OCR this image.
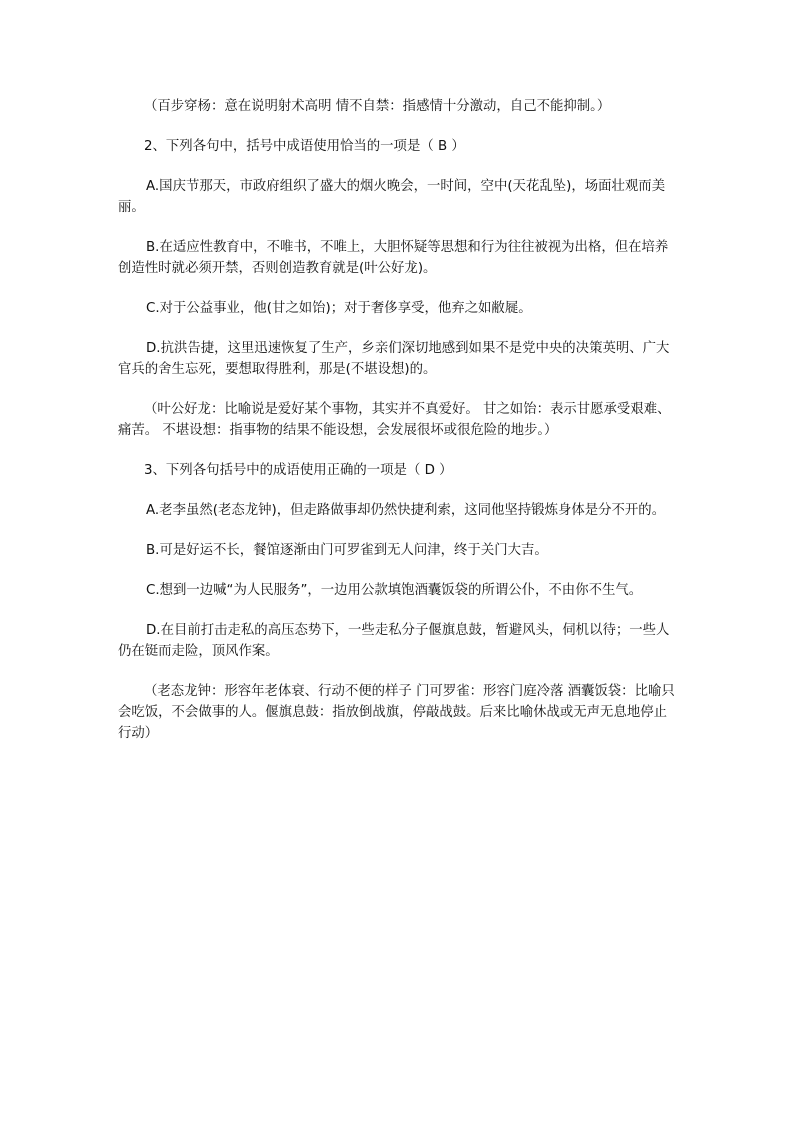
（百步穿杨：意在说明射术高明 情不自禁：指感情十分激动，自己不能抑制。）

2、下列各句中，括号中成语使用恰当的一项是（ B ）

A.国庆节那天，市政府组织了盛大的烟火晚会，一时间，空中(天花乱坠)，场面壮观而美丽。

B.在适应性教育中，不唯书，不唯上，大胆怀疑等思想和行为往往被视为出格，但在培养创造性时就必须开禁，否则创造教育就是(叶公好龙)。

C.对于公益事业，他(甘之如饴)；对于奢侈享受，他弃之如敝屣。

D.抗洪告捷，这里迅速恢复了生产，乡亲们深切地感到如果不是党中央的决策英明、广大官兵的舍生忘死，要想取得胜利，那是(不堪设想)的。

（叶公好龙：比喻说是爱好某个事物，其实并不真爱好。 甘之如饴：表示甘愿承受艰难、痛苦。 不堪设想：指事物的结果不能设想，会发展很坏或很危险的地步。）

3、下列各句括号中的成语使用正确的一项是（ D ）

A.老李虽然(老态龙钟)，但走路做事却仍然快捷利索，这同他坚持锻炼身体是分不开的。

B.可是好运不长，餐馆逐渐由门可罗雀到无人问津，终于关门大吉。

C.想到一边喊“为人民服务”，一边用公款填饱酒囊饭袋的所谓公仆，不由你不生气。

D.在目前打击走私的高压态势下，一些走私分子偃旗息鼓，暂避风头，伺机以待；一些人仍在铤而走险，顶风作案。

（老态龙钟：形容年老体衰、行动不便的样子 门可罗雀：形容门庭冷落 酒囊饭袋：比喻只会吃饭，不会做事的人。偃旗息鼓：指放倒战旗，停敲战鼓。后来比喻休战或无声无息地停止行动）
